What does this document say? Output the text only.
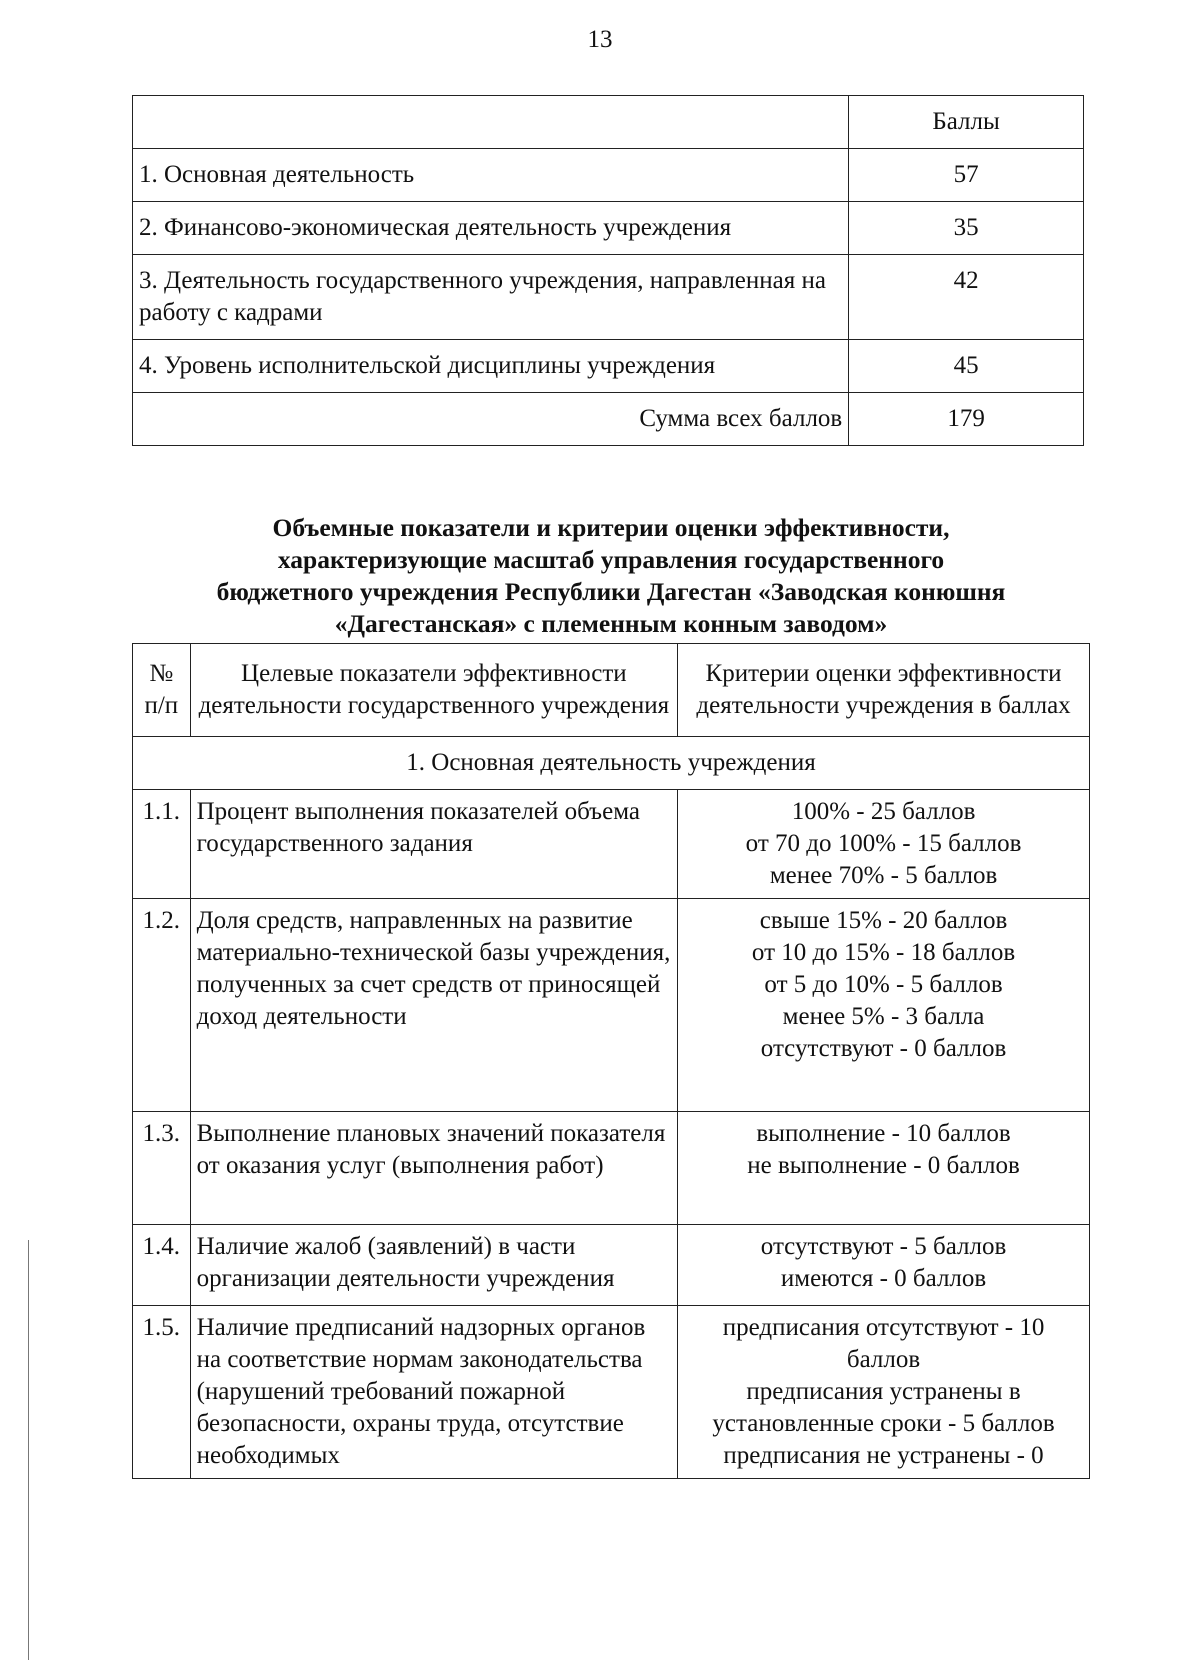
13
	Баллы
1. Основная деятельность	57
2. Финансово-экономическая деятельность учреждения	35
3. Деятельность государственного учреждения, направленная на работу с кадрами	42
4. Уровень исполнительской дисциплины учреждения	45
Сумма всех баллов	179
Объемные показатели и критерии оценки эффективности,
характеризующие масштаб управления государственного
бюджетного учреждения Республики Дагестан «Заводская конюшня
«Дагестанская» с племенным конным заводом»
№ п/п	Целевые показатели эффективности деятельности государственного учреждения	Критерии оценки эффективности деятельности учреждения в баллах
1. Основная деятельность учреждения		
1.1.	Процент выполнения показателей объема государственного задания	100% - 25 баллов
от 70 до 100% - 15 баллов
менее 70% - 5 баллов

1.2.	Доля средств, направленных на развитие материально-технической базы учреждения, полученных за счет средств от приносящей доход деятельности	свыше 15% - 20 баллов
от 10 до 15% - 18 баллов
от 5 до 10% - 5 баллов
менее 5% - 3 балла
отсутствуют - 0 баллов

1.3.	Выполнение плановых значений показателя от оказания услуг (выполнения работ)	выполнение - 10 баллов
не выполнение - 0 баллов

1.4.	Наличие жалоб (заявлений) в части организации деятельности учреждения	отсутствуют - 5 баллов
имеются - 0 баллов

1.5.	Наличие предписаний надзорных органов на соответствие нормам законодательства (нарушений требований пожарной безопасности, охраны труда, отсутствие необходимых	предписания отсутствуют - 10 баллов
предписания устранены в установленные сроки - 5 баллов
предписания не устранены - 0
